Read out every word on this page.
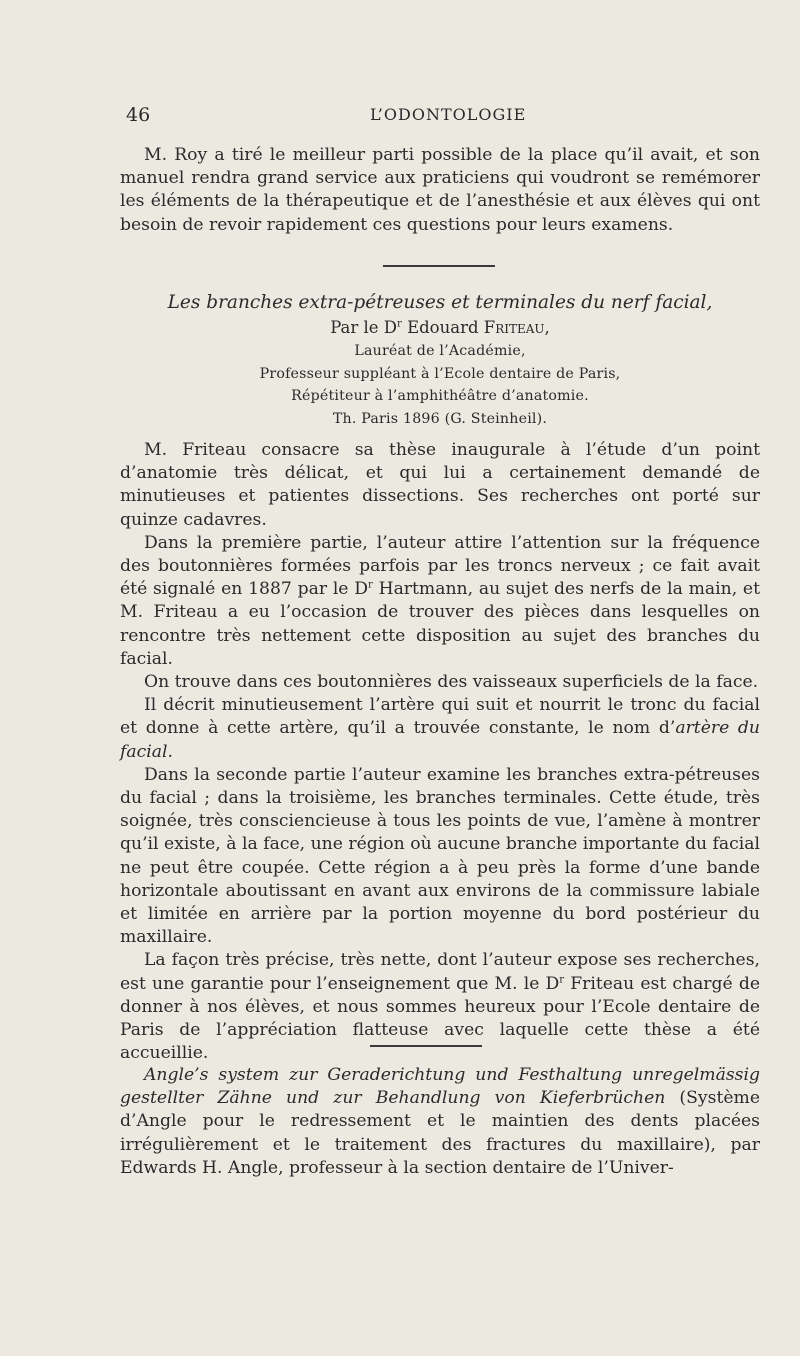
46	L’ODONTOLOGIE

M. Roy a tiré le meilleur parti possible de la place qu’il avait, et son manuel rendra grand service aux praticiens qui voudront se remémorer les éléments de la thérapeutique et de l’anesthésie et aux élèves qui ont besoin de revoir rapidement ces questions pour leurs examens.

Les branches extra-pétreuses et terminales du nerf facial,

Par le $D^r$ Edouard Friteau,

Lauréat de l’Académie,

Professeur suppléant à l’Ecole dentaire de Paris,

Répétiteur à l’amphithéâtre d’anatomie.

Th. Paris 1896 (G. Steinheil).

M. Friteau consacre sa thèse inaugurale à l’étude d’un point d’anatomie très délicat, et qui lui a certainement demandé de minutieuses et patientes dissections. Ses recherches ont porté sur quinze cadavres.

Dans la première partie, l’auteur attire l’attention sur la fréquence des boutonnières formées parfois par les troncs nerveux ; ce fait avait été signalé en 1887 par le $D^r$ Hartmann, au sujet des nerfs de la main, et M. Friteau a eu l’occasion de trouver des pièces dans lesquelles on rencontre très nettement cette disposition au sujet des branches du facial.

On trouve dans ces boutonnières des vaisseaux superficiels de la face.

Il décrit minutieusement l’artère qui suit et nourrit le tronc du facial et donne à cette artère, qu’il a trouvée constante, le nom d’artère du facial.

Dans la seconde partie l’auteur examine les branches extra-pétreuses du facial ; dans la troisième, les branches terminales. Cette étude, très soignée, très consciencieuse à tous les points de vue, l’amène à montrer qu’il existe, à la face, une région où aucune branche importante du facial ne peut être coupée. Cette région a à peu près la forme d’une bande horizontale aboutissant en avant aux environs de la commissure labiale et limitée en arrière par la portion moyenne du bord postérieur du maxillaire.

La façon très précise, très nette, dont l’auteur expose ses recherches, est une garantie pour l’enseignement que M. le $D^r$ Friteau est chargé de donner à nos élèves, et nous sommes heureux pour l’Ecole dentaire de Paris de l’appréciation flatteuse avec laquelle cette thèse a été accueillie.

Angle’s system zur Geraderichtung und Festhaltung unregelmässig gestellter Zähne und zur Behandlung von Kieferbrüchen (Système d’Angle pour le redressement et le maintien des dents placées irrégulièrement et le traitement des fractures du maxillaire), par Edwards H. Angle, professeur à la section dentaire de l’Univer-
